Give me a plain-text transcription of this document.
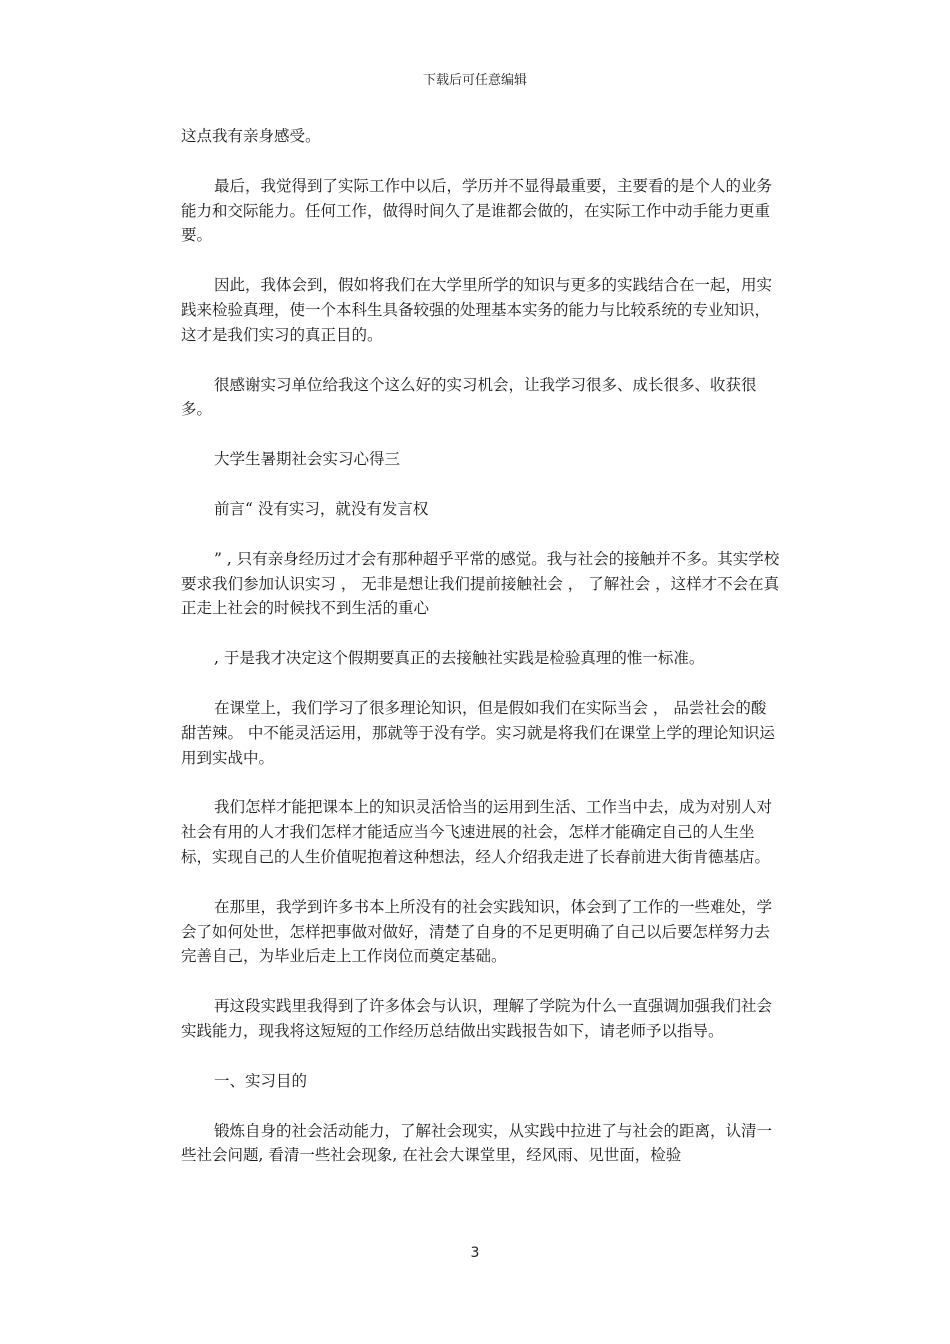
下载后可任意编辑

这点我有亲身感受。

最后，我觉得到了实际工作中以后，学历并不显得最重要，主要看的是个人的业务能力和交际能力。任何工作，做得时间久了是谁都会做的，在实际工作中动手能力更重要。

因此，我体会到，假如将我们在大学里所学的知识与更多的实践结合在一起，用实践来检验真理，使一个本科生具备较强的处理基本实务的能力与比较系统的专业知识，这才是我们实习的真正目的。

很感谢实习单位给我这个这么好的实习机会，让我学习很多、成长很多、收获很多。

大学生暑期社会实习心得三

前言“ 没有实习，就没有发言权

” , 只有亲身经历过才会有那种超乎平常的感觉。我与社会的接触并不多。其实学校要求我们参加认识实习 ， 无非是想让我们提前接触社会 ， 了解社会 ，这样才不会在真正走上社会的时候找不到生活的重心

, 于是我才决定这个假期要真正的去接触社实践是检验真理的惟一标准。

在课堂上，我们学习了很多理论知识，但是假如我们在实际当会 ， 品尝社会的酸甜苦辣。 中不能灵活运用，那就等于没有学。实习就是将我们在课堂上学的理论知识运用到实战中。

我们怎样才能把课本上的知识灵活恰当的运用到生活、工作当中去，成为对别人对社会有用的人才我们怎样才能适应当今飞速进展的社会，怎样才能确定自己的人生坐标，实现自己的人生价值呢抱着这种想法，经人介绍我走进了长春前进大街肯德基店。

在那里，我学到许多书本上所没有的社会实践知识，体会到了工作的一些难处，学会了如何处世，怎样把事做对做好，清楚了自身的不足更明确了自己以后要怎样努力去完善自己，为毕业后走上工作岗位而奠定基础。

再这段实践里我得到了许多体会与认识，理解了学院为什么一直强调加强我们社会实践能力，现我将这短短的工作经历总结做出实践报告如下，请老师予以指导。

一、实习目的

锻炼自身的社会活动能力，了解社会现实，从实践中拉进了与社会的距离，认清一些社会问题, 看清一些社会现象, 在社会大课堂里，经风雨、见世面，检验

3
